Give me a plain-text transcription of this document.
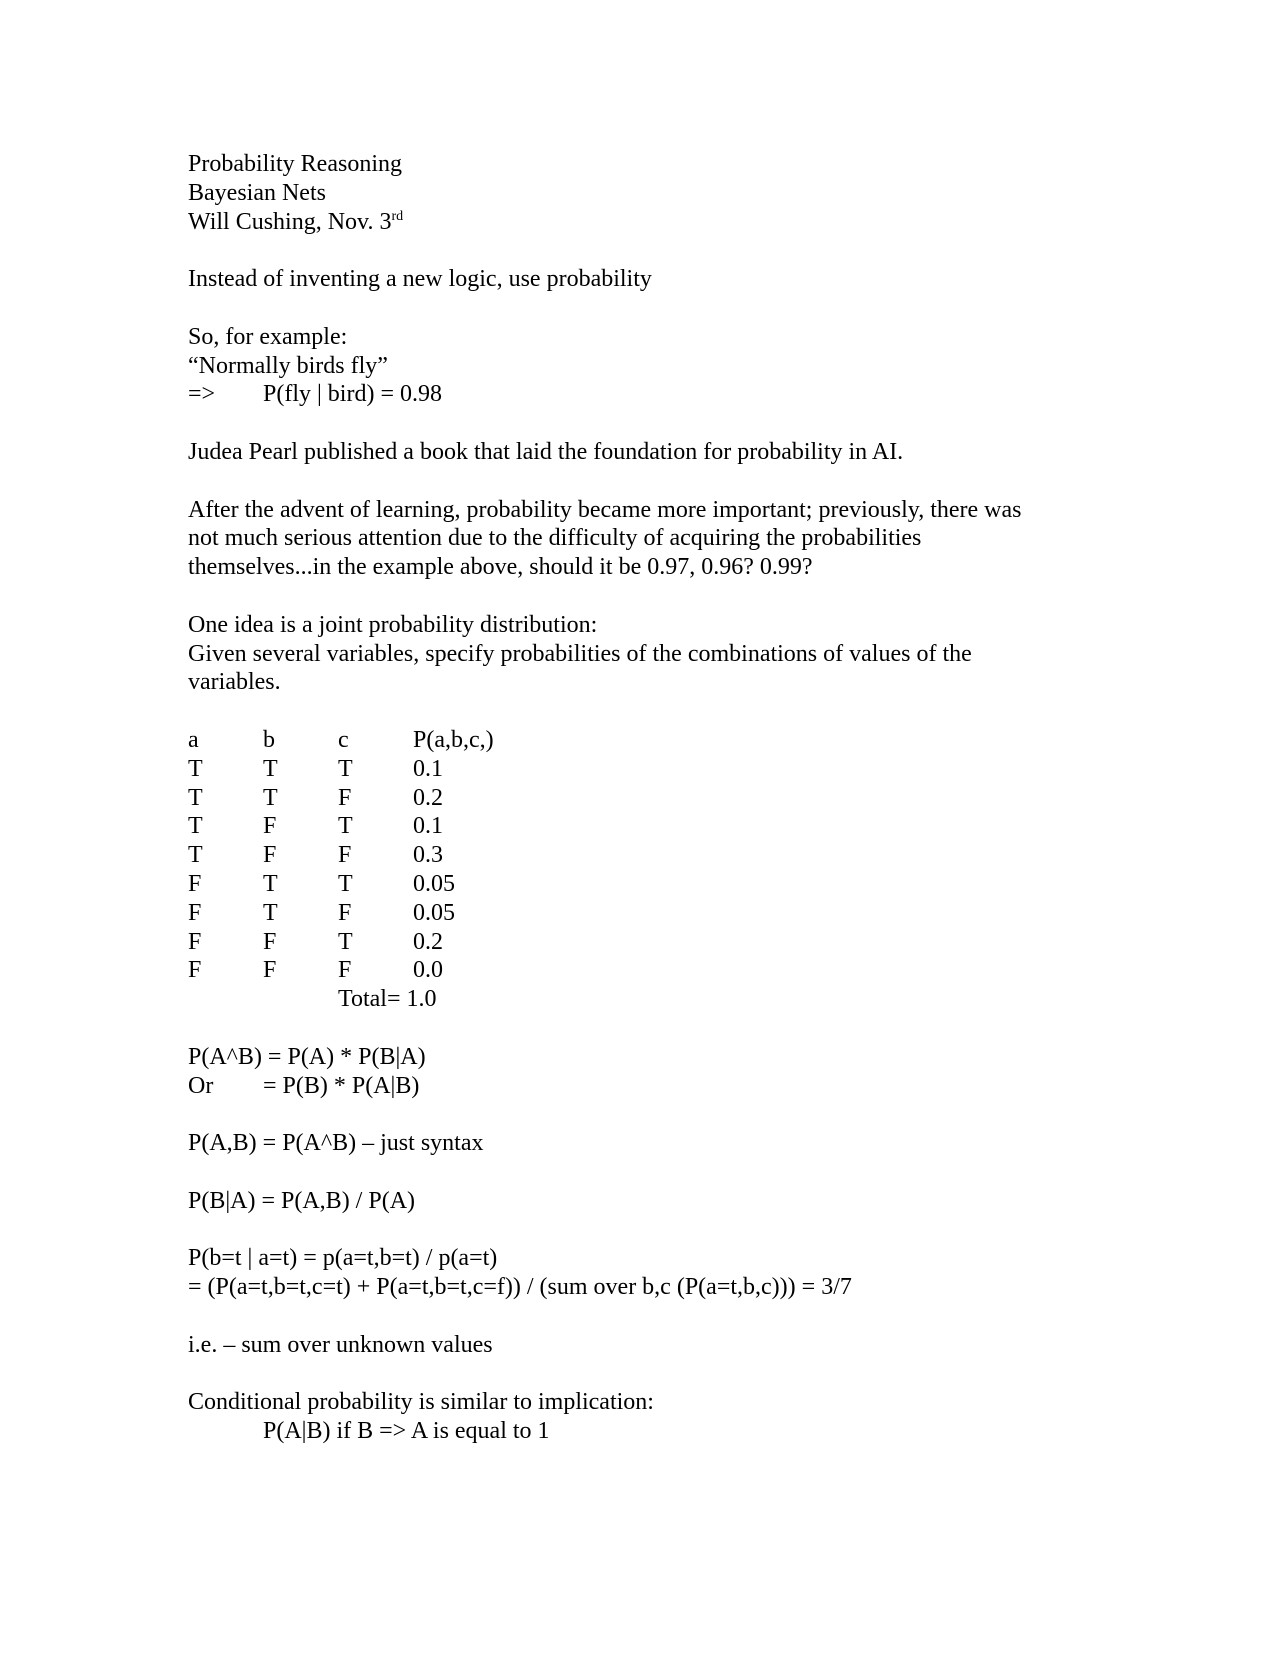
Probability Reasoning
Bayesian Nets
Will Cushing, Nov. 3rd
Instead of inventing a new logic, use probability
So, for example:
“Normally birds fly”
=> P(fly | bird) = 0.98
Judea Pearl published a book that laid the foundation for probability in AI.
After the advent of learning, probability became more important; previously, there was
not much serious attention due to the difficulty of acquiring the probabilities
themselves...in the example above, should it be 0.97, 0.96? 0.99?
One idea is a joint probability distribution:
Given several variables, specify probabilities of the combinations of values of the
variables.
a	b	c	P(a,b,c,)
T	T	T	0.1
T	T	F	0.2
T	F	T	0.1
T	F	F	0.3
F	T	T	0.05
F	T	F	0.05
F	F	T	0.2
F	F	F	0.0
Total= 1.0
P(A^B) = P(A) * P(B|A)
Or = P(B) * P(A|B)
P(A,B) = P(A^B) – just syntax
P(B|A) = P(A,B) / P(A)
P(b=t | a=t) = p(a=t,b=t) / p(a=t)
= (P(a=t,b=t,c=t) + P(a=t,b=t,c=f)) / (sum over b,c (P(a=t,b,c))) = 3/7
i.e. – sum over unknown values
Conditional probability is similar to implication:
P(A|B) if B => A is equal to 1
